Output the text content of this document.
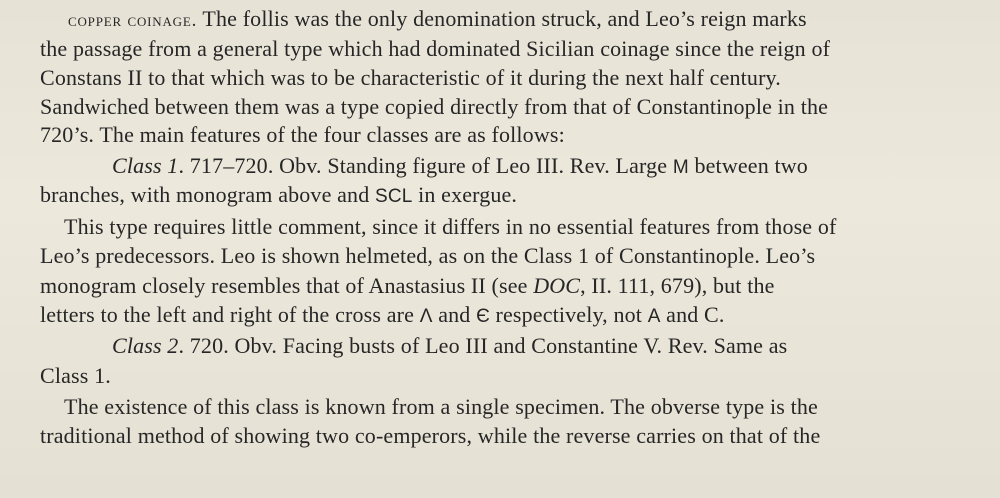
copper coinage. The follis was the only denomination struck, and Leo’s reign marks
the passage from a general type which had dominated Sicilian coinage since the reign of
Constans II to that which was to be characteristic of it during the next half century.
Sandwiched between them was a type copied directly from that of Constantinople in the
720’s. The main features of the four classes are as follows:
Class 1. 717–720. Obv. Standing figure of Leo III. Rev. Large M between two
branches, with monogram above and SCL in exergue.
This type requires little comment, since it differs in no essential features from those of
Leo’s predecessors. Leo is shown helmeted, as on the Class 1 of Constantinople. Leo’s
monogram closely resembles that of Anastasius II (see DOC, II. 111, 679), but the
letters to the left and right of the cross are Λ and Є respectively, not A and C.
Class 2. 720. Obv. Facing busts of Leo III and Constantine V. Rev. Same as
Class 1.
The existence of this class is known from a single specimen. The obverse type is the
traditional method of showing two co-emperors, while the reverse carries on that of the
